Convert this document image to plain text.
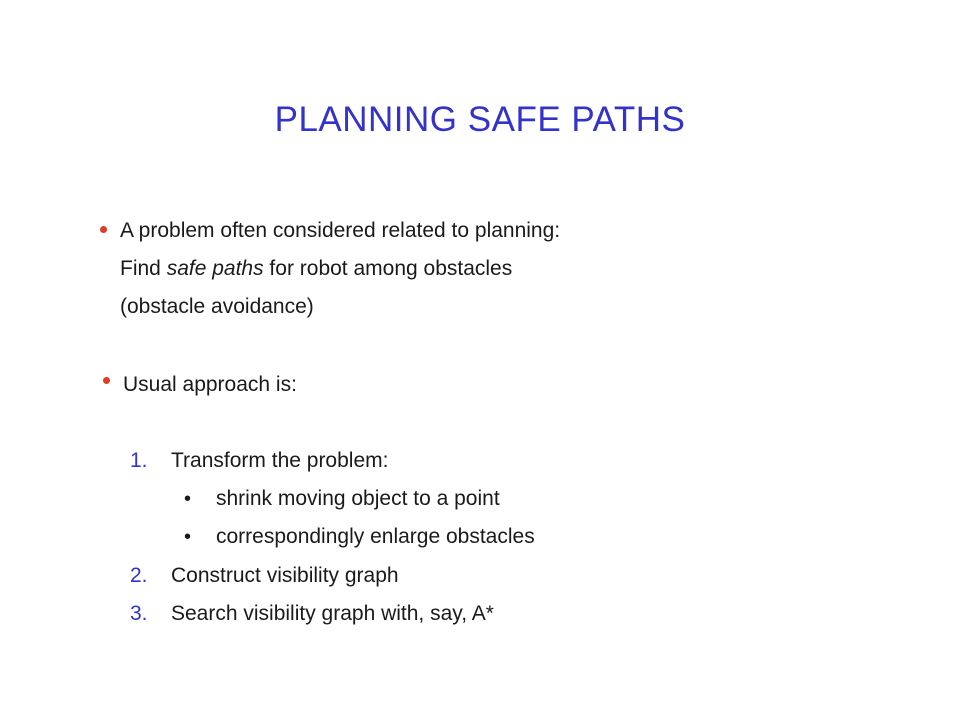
PLANNING SAFE PATHS
A problem often considered related to planning:
Find safe paths for robot among obstacles
(obstacle avoidance)
Usual approach is:
1. Transform the problem:
• shrink moving object to a point
• correspondingly enlarge obstacles
2. Construct visibility graph
3. Search visibility graph with, say, A*
